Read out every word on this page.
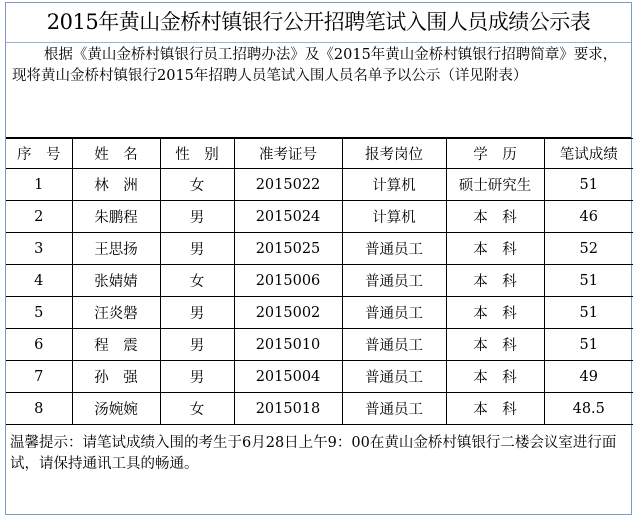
2015年黄山金桥村镇银行公开招聘笔试入围人员成绩公示表

根据《黄山金桥村镇银行员工招聘办法》及《2015年黄山金桥村镇银行招聘简章》要求，现将黄山金桥村镇银行2015年招聘人员笔试入围人员名单予以公示（详见附表）

序　号	姓　名	性　别	准考证号	报考岗位	学　历	笔试成绩
1	林　洲	女	2015022	计算机	硕士研究生	51
2	朱鹏程	男	2015024	计算机	本　科	46
3	王思扬	男	2015025	普通员工	本　科	52
4	张婧婧	女	2015006	普通员工	本　科	51
5	汪炎磐	男	2015002	普通员工	本　科	51
6	程　震	男	2015010	普通员工	本　科	51
7	孙　强	男	2015004	普通员工	本　科	49
8	汤婉婉	女	2015018	普通员工	本　科	48.5
温馨提示：请笔试成绩入围的考生于6月28日上午9：00在黄山金桥村镇银行二楼会议室进行面试，请保持通讯工具的畅通。
